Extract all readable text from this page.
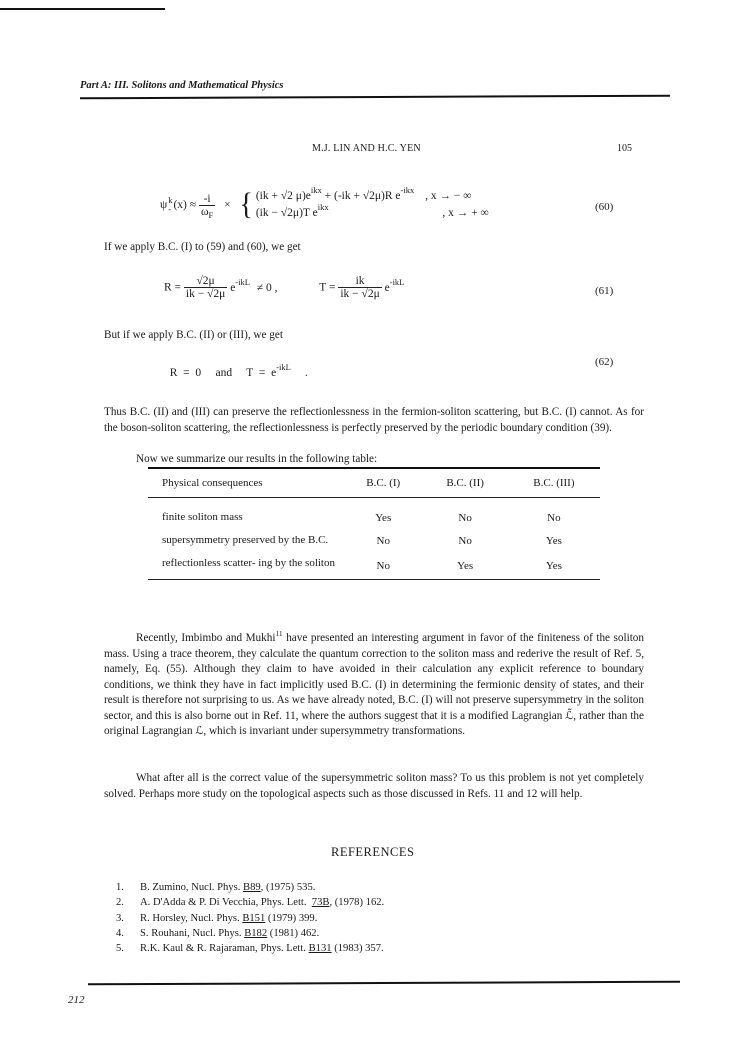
Part A: III. Solitons and Mathematical Physics
M.J. LIN AND H.C. YEN	105
ψ k
- $(x) \approx \frac{-i}{\omega_F}$ × { (ik + √2 $\mu)e^{ikx} + (-ik + √2\mu)R$ $e^{-ikx}$ , x → − ∞
(ik − √2μ)T $e^{ikx}$	, x → + ∞	(60)
If we apply B.C. (I) to (59) and (60), we get
$R = \frac{√2\mu}{ik - √2\mu} e^{-ikL} \ne 0$ ,	$T = \frac{ik}{ik - √2\mu} e^{-ikL}$
(61)
But if we apply B.C. (II) or (III), we get

R  =  0     and     $T = e^{-ikL}$ .

(62)
Thus B.C. (II) and (III) can preserve the reflectionlessness in the fermion-soliton scattering, but B.C. (I) cannot. As for the boson-soliton scattering, the reflectionlessness is perfectly preserved by the periodic boundary condition (39).
Now we summarize our results in the following table:
Physical consequences	B.C. (I)	B.C. (II)	B.C. (III)
finite soliton mass	Yes	No	No
supersymmetry preserved by the B.C.	No	No	Yes
reflectionless scatter- ing by the soliton	No	Yes	Yes
Recently, Imbimbo and Mukhi$^{11}$ have presented an interesting argument in favor of the finiteness of the soliton mass. Using a trace theorem, they calculate the quantum correction to the soliton mass and rederive the result of Ref. 5, namely, Eq. (55). Although they claim to have avoided in their calculation any explicit reference to boundary conditions, we think they have in fact implicitly used B.C. (I) in determining the fermionic density of states, and their result is therefore not surprising to us. As we have already noted, B.C. (I) will not preserve supersymmetry in the soliton sector, and this is also borne out in Ref. 11, where the authors suggest that it is a modified Lagrangian ℒ̃, rather than the original Lagrangian ℒ, which is invariant under supersymmetry transformations.
What after all is the correct value of the supersymmetric soliton mass? To us this problem is not yet completely solved. Perhaps more study on the topological aspects such as those discussed in Refs. 11 and 12 will help.
REFERENCES
1.	B. Zumino, Nucl. Phys. B89, (1975) 535.
2.	A. D'Adda & P. Di Vecchia, Phys. Lett.  73B, (1978) 162.
3.	R. Horsley, Nucl. Phys. B151 (1979) 399.
4.	S. Rouhani, Nucl. Phys. B182 (1981) 462.
5.	R.K. Kaul & R. Rajaraman, Phys. Lett. B131 (1983) 357.
212
